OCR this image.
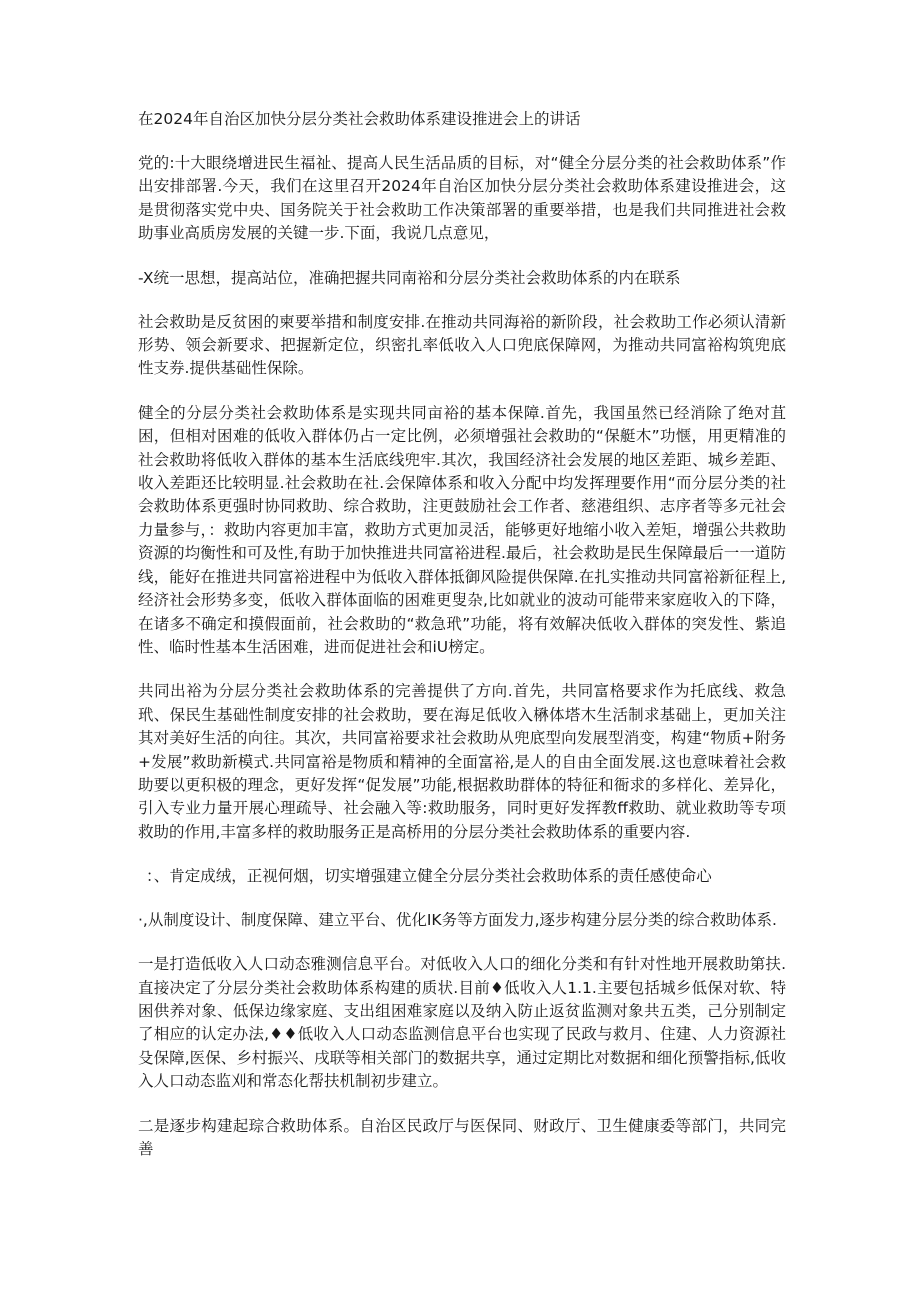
在2024年自治区加快分层分类社会救助体系建设推进会上的讲话

党的:十大眼绕增进民生福祉、提高人民生活品质的目标，对“健全分层分类的社会救助体系”作出安排部署.今天，我们在这里召开2024年自治区加快分层分类社会救助体系建设推进会，这是贯彻落实党中央、国务院关于社会救助工作决策部署的重要举措，也是我们共同推进社会救助事业高质房发展的关键一步.下面，我说几点意见，

-X统一思想，提高站位，准确把握共同南裕和分层分类社会救助体系的内在联系

社会救助是反贫困的柬要举措和制度安排.在推动共同海裕的新阶段，社会救助工作必须认清新形势、领会新要求、把握新定位，织密扎率低收入人口兜底保障网，为推动共同富裕构筑兜底性支券.提供基础性保除。

健全的分层分类社会救助体系是实现共同亩裕的基本保障.首先，我国虽然已经消除了绝对苴困，但相对困难的低收入群体仍占一定比例，必须增强社会救助的“保艇木”功惬，用更精准的社会救助将低收入群体的基本生活底线兜牢.其次，我国经济社会发展的地区差距、城乡差距、收入差距还比较明显.社会救助在社.会保障体系和收入分配中均发挥理要作用“而分层分类的社会救助体系更强时协同救助、综合救助，注更鼓励社会工作者、慈港组织、志序者等多元社会力量参与，：救助内容更加丰富，救助方式更加灵活，能够更好地缩小收入差矩，增强公共救助资源的均衡性和可及性,有助于加快推进共同富裕进程.最后，社会救助是民生保障最后一一道防线，能好在推进共同富裕进程中为低收入群体抵御风险提供保障.在扎实推动共同富裕新征程上,经济社会形势多变，低收入群体面临的困难更叟杂,比如就业的波动可能带来家庭收入的下降，在诸多不确定和摸假面前，社会救助的“救急玳”功能，将有效解决低收入群体的突发性、紫追性、临时性基本生活困难，进而促进社会和iU榜定。

共同出裕为分层分类社会救助体系的完善提供了方向.首先，共同富格要求作为托底线、救急玳、保民生基础性制度安排的社会救助，要在海足低收入楙体塔木生活制求基础上，更加关注其对美好生活的向往。其次，共同富裕要求社会救助从兜底型向发展型消变，构建“物质+附务+发展”救助新模式.共同富裕是物质和精神的全面富裕,是人的自由全面发展.这也意味着社会救助要以更积极的理念，更好发挥“促发展”功能,根据救助群体的特征和衙求的多样化、差异化，引入专业力量开展心理疏导、社会融入等:救助服务，同时更好发挥教ff救助、就业救助等专项救助的作用,丰富多样的救助服务正是高桥用的分层分类社会救助体系的重要内容.

：、肯定成绒，正视何烟，切实增强建立健全分层分类社会救助体系的责任感使命心
·,从制度设计、制度保障、建立平台、优化IK务等方面发力,逐步构建分层分类的综合救助体系.

一是打造低收入人口动态雅测信息平台。对低收入人口的细化分类和有针对性地开展救助第扶.直接决定了分层分类社会救助体系构建的质状.目前♦低收入人1.1.主要包括城乡低保对软、特困供养对象、低保边缘家庭、支出组困难家庭以及纳入防止返贫监测对象共五类，己分别制定了相应的认定办法,♦♦低收入人口动态监测信息平台也实现了民政与救月、住建、人力资源社殳保障,医保、乡村振兴、戌联等相关部门的数据共享，通过定期比对数据和细化预警指标,低收入人口动态监刈和常态化帮扶机制初步建立。

二是逐步构建起琮合救助体系。自治区民政厅与医保同、财政厅、卫生健康委等部门，共同完善
